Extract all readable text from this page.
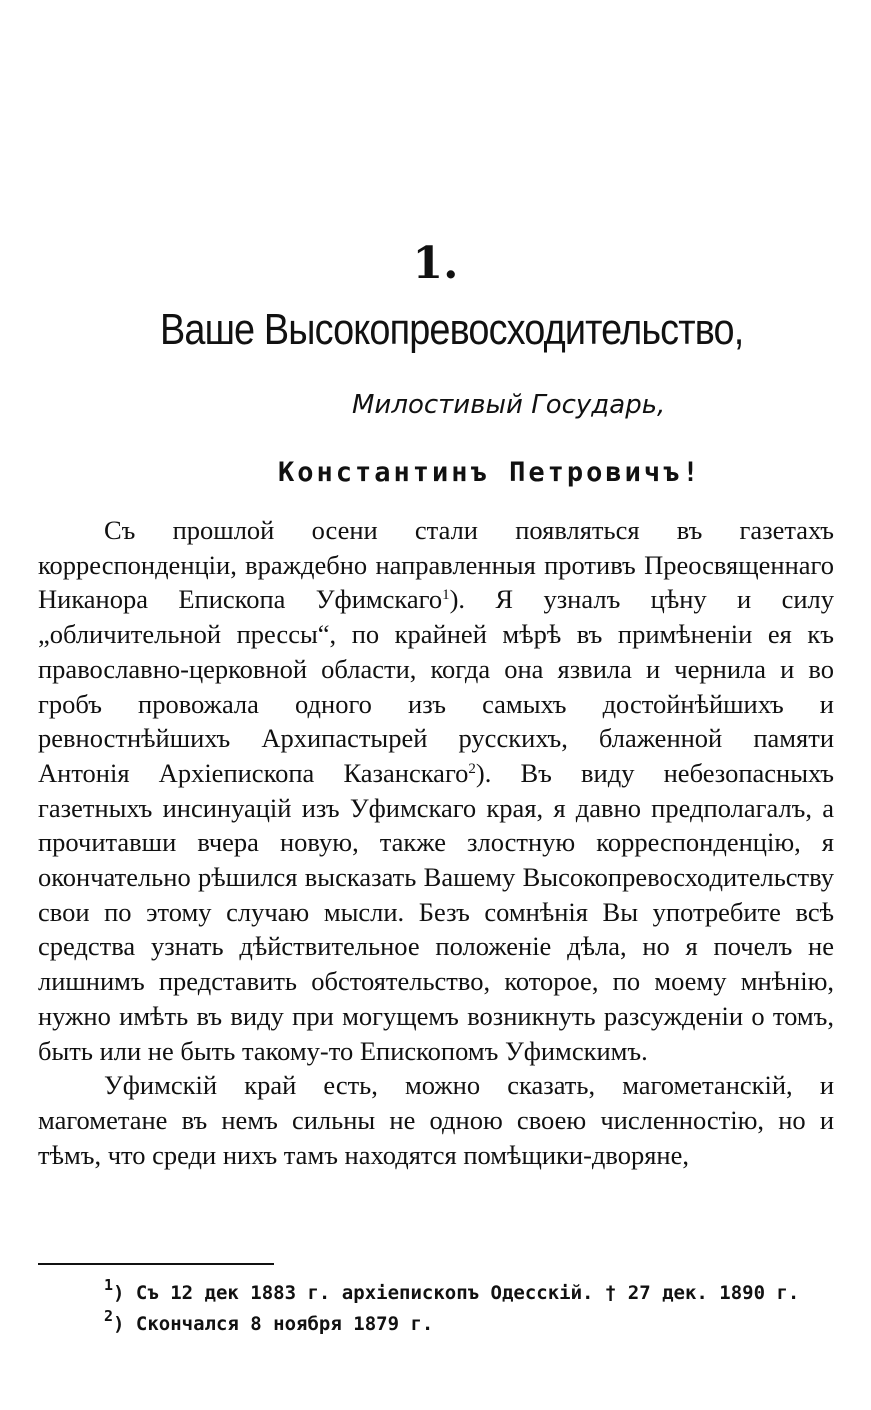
1.
Ваше Высокопревосходительство,
Милостивый Государь,
Константинъ Петровичъ!

Съ прошлой осени стали появляться въ газетахъ корреспонденціи, враждебно направленныя противъ Преосвященнаго Никанора Епископа Уфимскаго$^1$). Я узналъ цѣну и силу „обличительной прессы“, по крайней мѣрѣ въ примѣненіи ея къ православно-церковной области, когда она язвила и чернила и во гробъ провожала одного изъ самыхъ достойнѣйшихъ и ревностнѣйшихъ Архипастырей русскихъ, блаженной памяти Антонія Архіепископа Казанскаго$^2$). Въ виду небезопасныхъ газетныхъ инсинуацій изъ Уфимскаго края, я давно предполагалъ, а прочитавши вчера новую, также злостную корреспонденцію, я окончательно рѣшился высказать Вашему Высокопревосходительству свои по этому случаю мысли. Безъ сомнѣнія Вы употребите всѣ средства узнать дѣйствительное положеніе дѣла, но я почелъ не лишнимъ представить обстоятельство, которое, по моему мнѣнію, нужно имѣть въ виду при могущемъ возникнуть разсужденіи о томъ, быть или не быть такому-то Епископомъ Уфимскимъ.

Уфимскій край есть, можно сказать, магометанскій, и магометане въ немъ сильны не одною своею численностію, но и тѣмъ, что среди нихъ тамъ находятся помѣщики-дворяне,

$^1$) Съ 12 дек 1883 г. архіепископъ Одесскій. † 27 дек. 1890 г.
$^2$) Скончался 8 ноября 1879 г.
